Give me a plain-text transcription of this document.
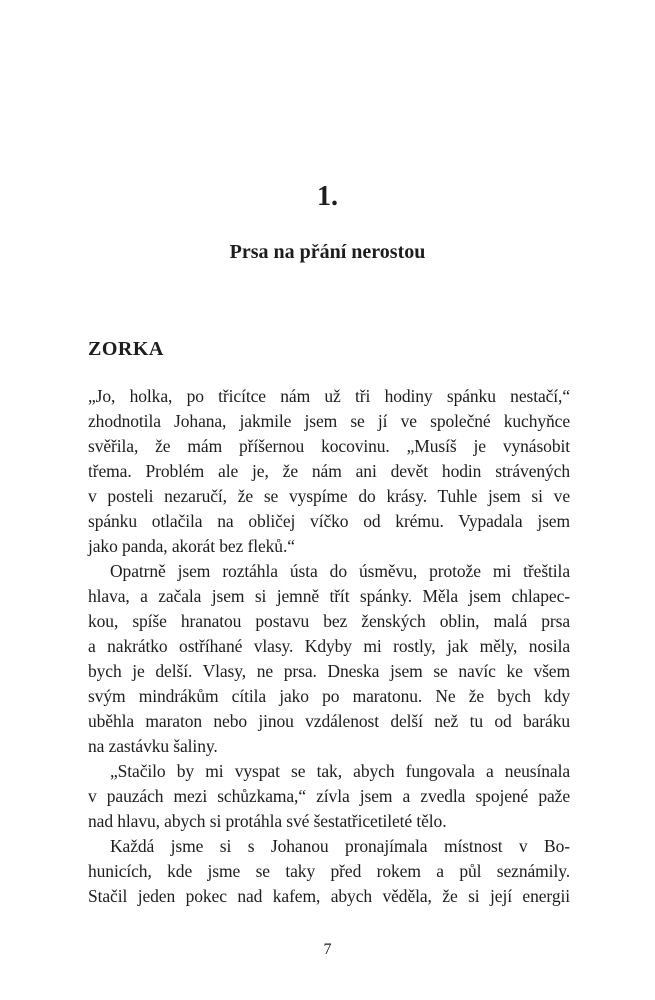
1.
Prsa na přání nerostou
ZORKA
„Jo, holka, po třicítce nám už tři hodiny spánku nestačí,“
zhodnotila Johana, jakmile jsem se jí ve společné kuchyňce
svěřila, že mám příšernou kocovinu. „Musíš je vynásobit
třema. Problém ale je, že nám ani devět hodin strávených
v posteli nezaručí, že se vyspíme do krásy. Tuhle jsem si ve
spánku otlačila na obličej víčko od krému. Vypadala jsem
jako panda, akorát bez fleků.“
Opatrně jsem roztáhla ústa do úsměvu, protože mi třeštila
hlava, a začala jsem si jemně třít spánky. Měla jsem chlapec-
kou, spíše hranatou postavu bez ženských oblin, malá prsa
a nakrátko ostříhané vlasy. Kdyby mi rostly, jak měly, nosila
bych je delší. Vlasy, ne prsa. Dneska jsem se navíc ke všem
svým mindrákům cítila jako po maratonu. Ne že bych kdy
uběhla maraton nebo jinou vzdálenost delší než tu od baráku
na zastávku šaliny.
„Stačilo by mi vyspat se tak, abych fungovala a neusínala
v pauzách mezi schůzkama,“ zívla jsem a zvedla spojené paže
nad hlavu, abych si protáhla své šestatřicetileté tělo.
Každá jsme si s Johanou pronajímala místnost v Bo-
hunicích, kde jsme se taky před rokem a půl seznámily.
Stačil jeden pokec nad kafem, abych věděla, že si její energii
7
